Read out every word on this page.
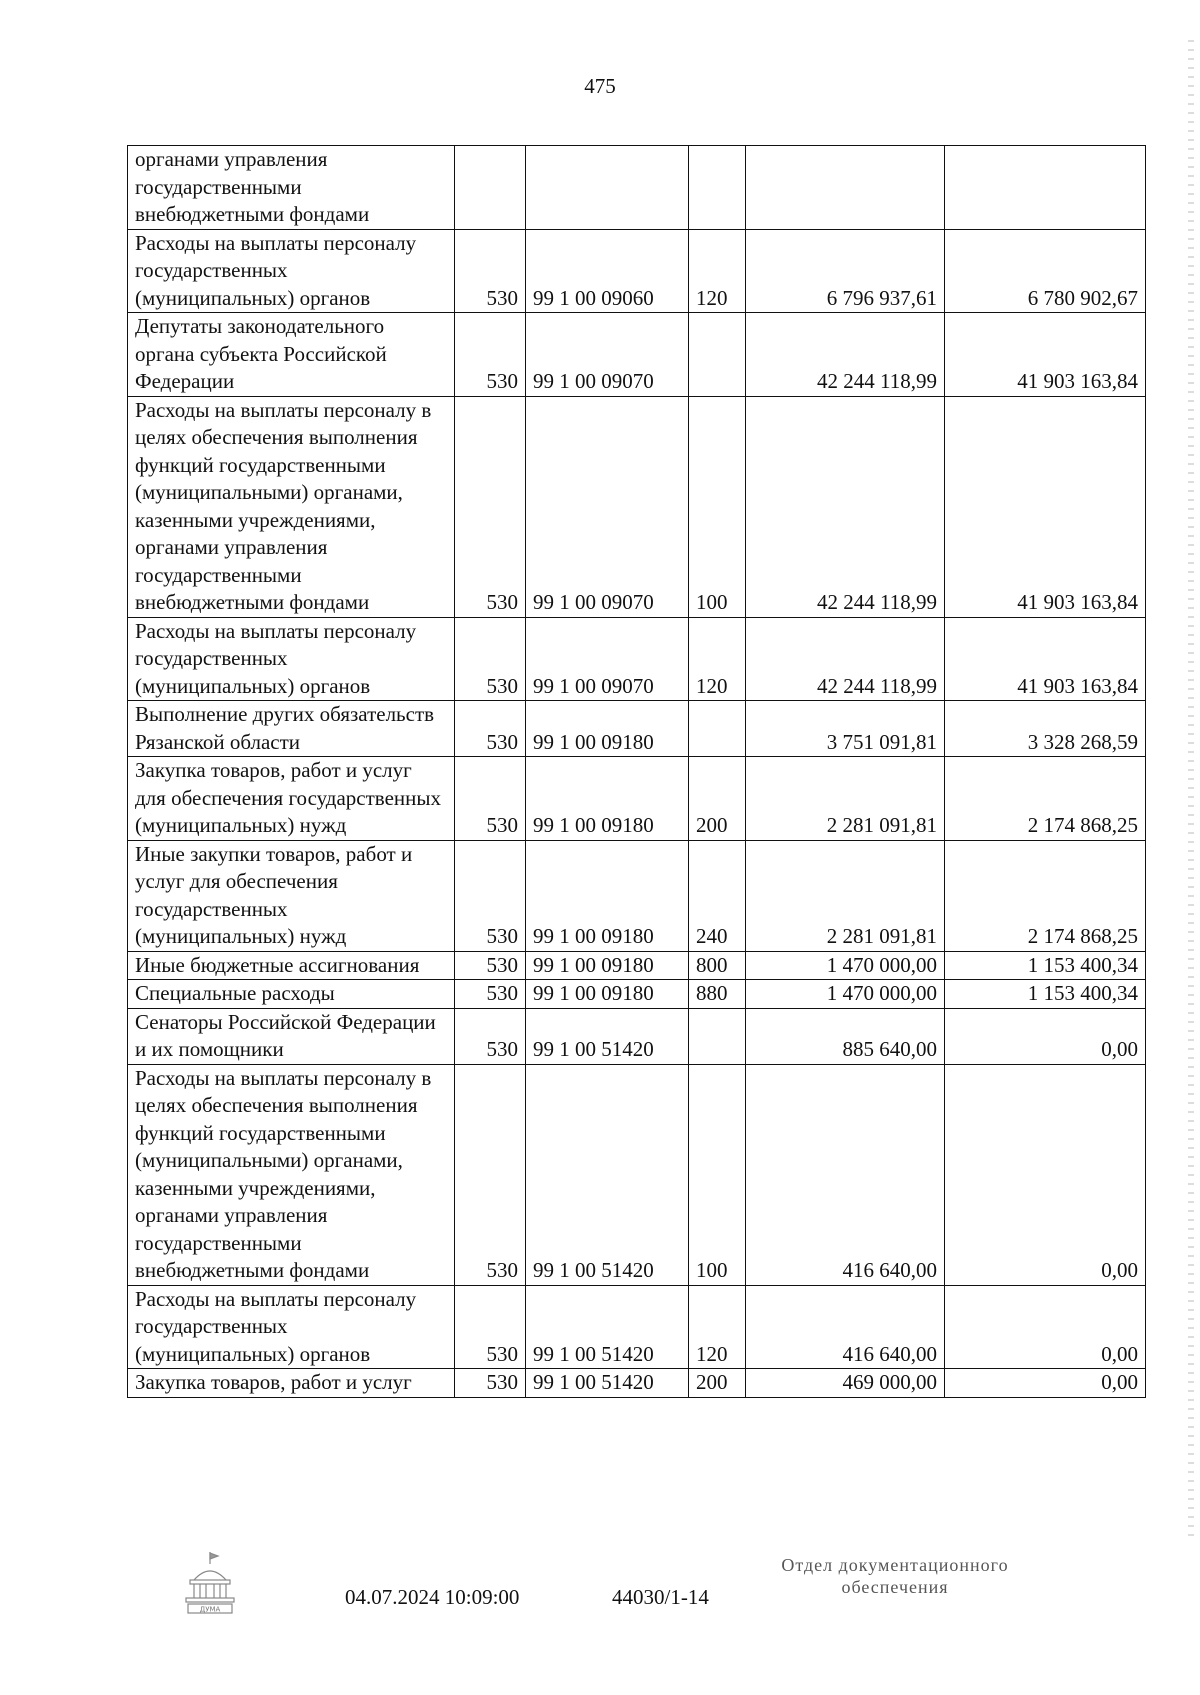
475
органами управления государственными внебюджетными фондами					
Расходы на выплаты персоналу государственных (муниципальных) органов	530	99 1 00 09060	120	6 796 937,61	6 780 902,67
Депутаты законодательного органа субъекта Российской Федерации	530	99 1 00 09070		42 244 118,99	41 903 163,84
Расходы на выплаты персоналу в целях обеспечения выполнения функций государственными (муниципальными) органами, казенными учреждениями, органами управления государственными внебюджетными фондами	530	99 1 00 09070	100	42 244 118,99	41 903 163,84
Расходы на выплаты персоналу государственных (муниципальных) органов	530	99 1 00 09070	120	42 244 118,99	41 903 163,84
Выполнение других обязательств Рязанской области	530	99 1 00 09180		3 751 091,81	3 328 268,59
Закупка товаров, работ и услуг для обеспечения государственных (муниципальных) нужд	530	99 1 00 09180	200	2 281 091,81	2 174 868,25
Иные закупки товаров, работ и услуг для обеспечения государственных (муниципальных) нужд	530	99 1 00 09180	240	2 281 091,81	2 174 868,25
Иные бюджетные ассигнования	530	99 1 00 09180	800	1 470 000,00	1 153 400,34
Специальные расходы	530	99 1 00 09180	880	1 470 000,00	1 153 400,34
Сенаторы Российской Федерации и их помощники	530	99 1 00 51420		885 640,00	0,00
Расходы на выплаты персоналу в целях обеспечения выполнения функций государственными (муниципальными) органами, казенными учреждениями, органами управления государственными внебюджетными фондами	530	99 1 00 51420	100	416 640,00	0,00
Расходы на выплаты персоналу государственных (муниципальных) органов	530	99 1 00 51420	120	416 640,00	0,00
Закупка товаров, работ и услуг	530	99 1 00 51420	200	469 000,00	0,00
ДУМА
04.07.2024 10:09:00	44030/1-14
Отдел документационного
обеспечения
